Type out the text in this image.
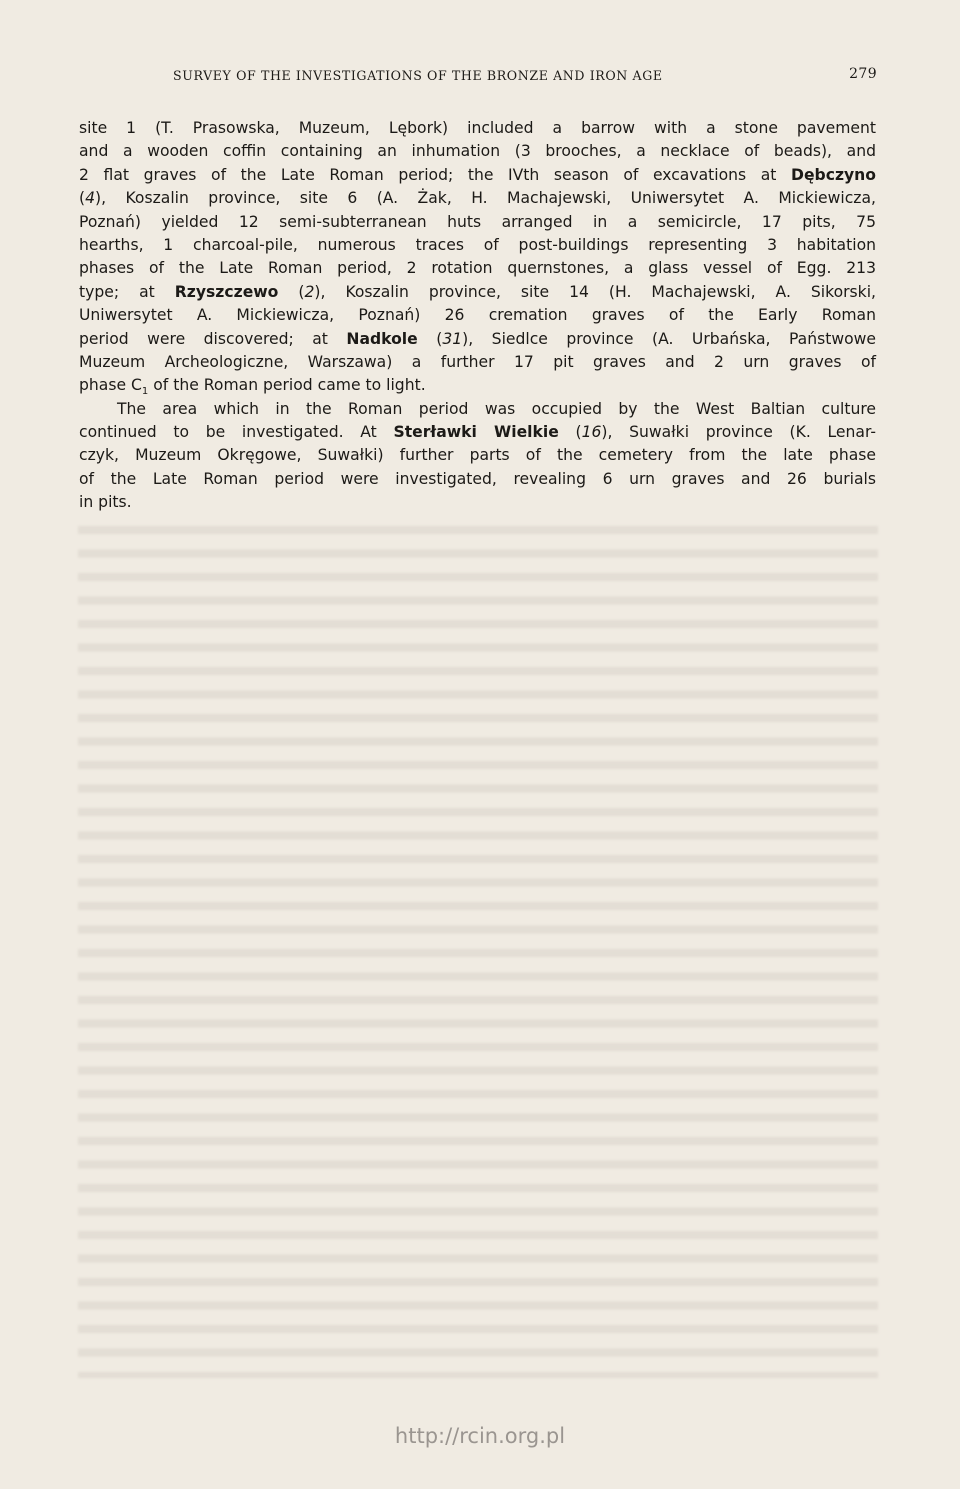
SURVEY OF THE INVESTIGATIONS OF THE BRONZE AND IRON AGE	279
site 1 (T. Prasowska, Muzeum, Lębork) included a barrow with a stone pavement
and a wooden coffin containing an inhumation (3 brooches, a necklace of beads), and
2 flat graves of the Late Roman period; the IVth season of excavations at Dębczyno
(4), Koszalin province, site 6 (A. Żak, H. Machajewski, Uniwersytet A. Mickiewicza,
Poznań) yielded 12 semi-subterranean huts arranged in a semicircle, 17 pits, 75
hearths, 1 charcoal-pile, numerous traces of post-buildings representing 3 habitation
phases of the Late Roman period, 2 rotation quernstones, a glass vessel of Egg. 213
type; at Rzyszczewo (2), Koszalin province, site 14 (H. Machajewski, A. Sikorski,
Uniwersytet A. Mickiewicza, Poznań) 26 cremation graves of the Early Roman
period were discovered; at Nadkole (31), Siedlce province (A. Urbańska, Państwowe
Muzeum Archeologiczne, Warszawa) a further 17 pit graves and 2 urn graves of
phase $C_1$ of the Roman period came to light.
The area which in the Roman period was occupied by the West Baltian culture
continued to be investigated. At Sterławki Wielkie (16), Suwałki province (K. Lenar-
czyk, Muzeum Okręgowe, Suwałki) further parts of the cemetery from the late phase
of the Late Roman period were investigated, revealing 6 urn graves and 26 burials
in pits.
http://rcin.org.pl
